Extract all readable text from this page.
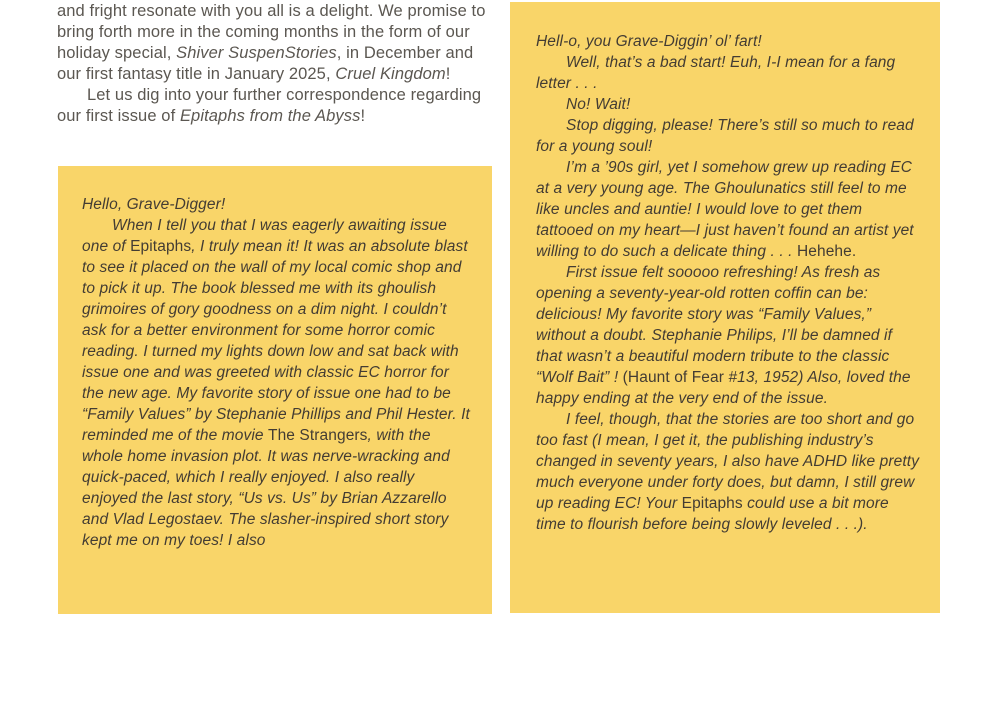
and fright resonate with you all is a delight. We promise to bring forth more in the coming months in the form of our holiday special, Shiver SuspenStories, in December and our first fantasy title in January 2025, Cruel Kingdom!

Let us dig into your further correspondence regarding our first issue of Epitaphs from the Abyss!

Hello, Grave-Digger!

When I tell you that I was eagerly awaiting issue one of Epitaphs, I truly mean it! It was an absolute blast to see it placed on the wall of my local comic shop and to pick it up. The book blessed me with its ghoulish grimoires of gory goodness on a dim night. I couldn’t ask for a better environment for some horror comic reading. I turned my lights down low and sat back with issue one and was greeted with classic EC horror for the new age. My favorite story of issue one had to be “Family Values” by Stephanie Phillips and Phil Hester. It reminded me of the movie The Strangers, with the whole home invasion plot. It was nerve-wracking and quick-paced, which I really enjoyed. I also really enjoyed the last story, “Us vs. Us” by Brian Azzarello and Vlad Legostaev. The slasher-inspired short story kept me on my toes! I also

Hell-o, you Grave-Diggin’ ol’ fart!

Well, that’s a bad start! Euh, I-I mean for a fang letter . . .

No! Wait!

Stop digging, please! There’s still so much to read for a young soul!

I’m a ’90s girl, yet I somehow grew up reading EC at a very young age. The Ghoulunatics still feel to me like uncles and auntie! I would love to get them tattooed on my heart—I just haven’t found an artist yet willing to do such a delicate thing . . . Hehehe.

First issue felt sooooo refreshing! As fresh as opening a seventy-year-old rotten coffin can be: delicious! My favorite story was “Family Values,” without a doubt. Stephanie Philips, I’ll be damned if that wasn’t a beautiful modern tribute to the classic “Wolf Bait” ! (Haunt of Fear #13, 1952) Also, loved the happy ending at the very end of the issue.

I feel, though, that the stories are too short and go too fast (I mean, I get it, the publishing industry’s changed in seventy years, I also have ADHD like pretty much everyone under forty does, but damn, I still grew up reading EC! Your Epitaphs could use a bit more time to flourish before being slowly leveled . . .).
